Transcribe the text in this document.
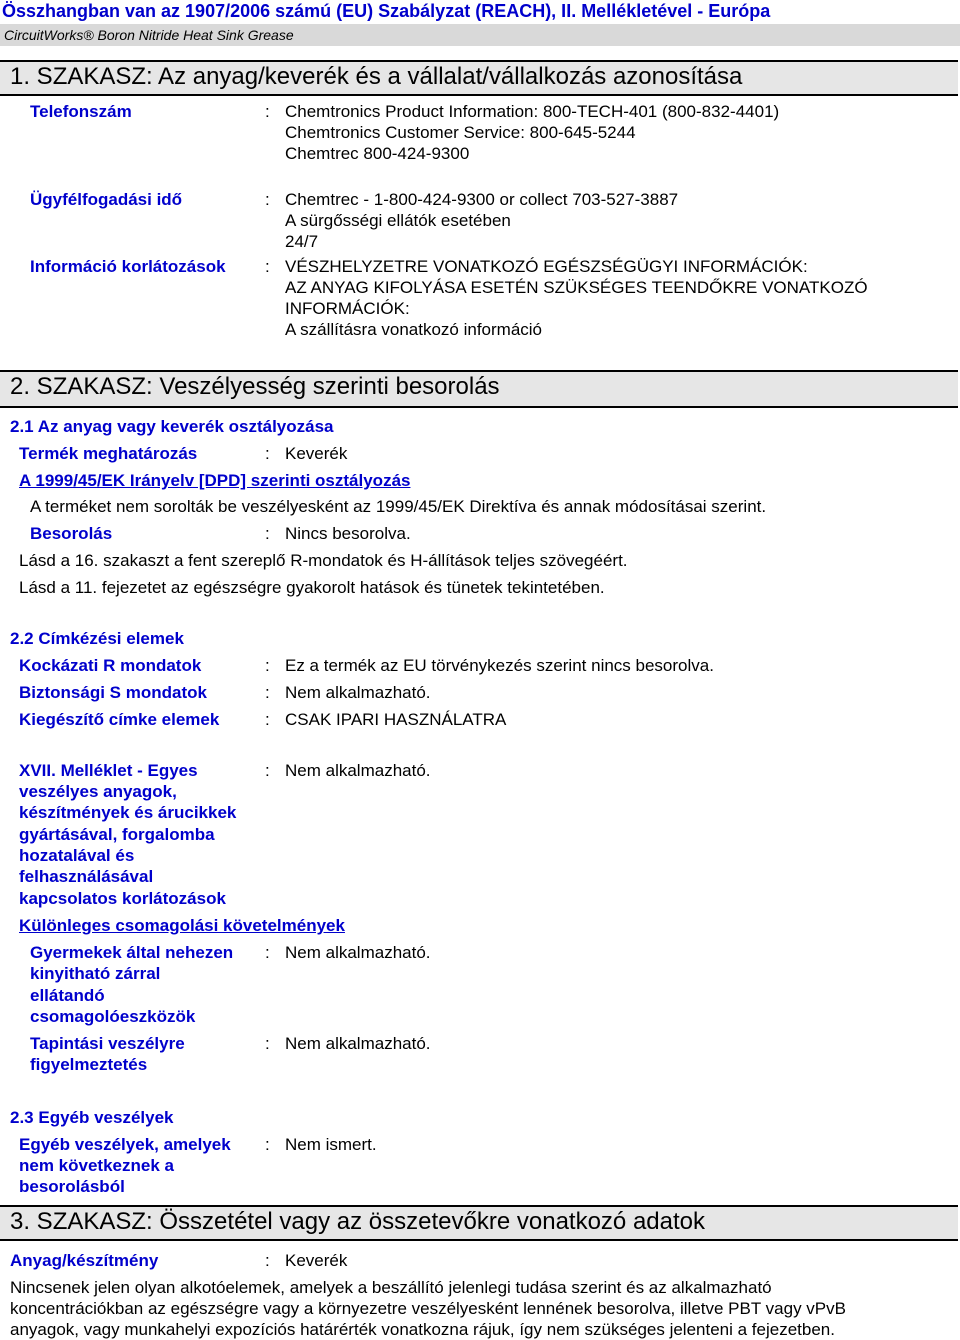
Összhangban van az 1907/2006 számú (EU) Szabályzat (REACH), II. Mellékletével - Európa
CircuitWorks® Boron Nitride Heat Sink Grease
1. SZAKASZ: Az anyag/keverék és a vállalat/vállalkozás azonosítása
Telefonszám	: Chemtronics Product Information: 800-TECH-401 (800-832-4401)
Chemtronics Customer Service: 800-645-5244
Chemtrec 800-424-9300
Ügyfélfogadási idő	: Chemtrec - 1-800-424-9300 or collect 703-527-3887
A sürgősségi ellátók esetében
24/7
Információ korlátozások : VÉSZHELYZETRE VONATKOZÓ EGÉSZSÉGÜGYI INFORMÁCIÓK:
AZ ANYAG KIFOLYÁSA ESETÉN SZÜKSÉGES TEENDŐKRE VONATKOZÓ
INFORMÁCIÓK:
A szállításra vonatkozó információ
2. SZAKASZ: Veszélyesség szerinti besorolás
2.1 Az anyag vagy keverék osztályozása
Termék meghatározás	: Keverék
A 1999/45/EK Irányelv [DPD] szerinti osztályozás
A terméket nem sorolták be veszélyesként az 1999/45/EK Direktíva és annak módosításai szerint.
Besorolás	: Nincs besorolva.
Lásd a 16. szakaszt a fent szereplő R-mondatok és H-állítások teljes szövegéért.
Lásd a 11. fejezetet az egészségre gyakorolt hatások és tünetek tekintetében.
2.2 Címkézési elemek
Kockázati R mondatok	: Ez a termék az EU törvénykezés szerint nincs besorolva.
Biztonsági S mondatok	: Nem alkalmazható.
Kiegészítő címke elemek	: CSAK IPARI HASZNÁLATRA
XVII. Melléklet - Egyes
veszélyes anyagok,
készítmények és árucikkek
gyártásával, forgalomba
hozatalával és
felhasználásával
kapcsolatos korlátozások
: Nem alkalmazható.
Különleges csomagolási követelmények
Gyermekek által nehezen
kinyitható zárral
ellátandó
csomagolóeszközök
: Nem alkalmazható.
Tapintási veszélyre
figyelmeztetés
: Nem alkalmazható.
2.3 Egyéb veszélyek
Egyéb veszélyek, amelyek
nem következnek a
besorolásból
: Nem ismert.
3. SZAKASZ: Összetétel vagy az összetevőkre vonatkozó adatok
Anyag/készítmény	: Keverék
Nincsenek jelen olyan alkotóelemek, amelyek a beszállító jelenlegi tudása szerint és az alkalmazható
koncentrációkban az egészségre vagy a környezetre veszélyesként lennének besorolva, illetve PBT vagy vPvB
anyagok, vagy munkahelyi expozíciós határérték vonatkozna rájuk, így nem szükséges jelenteni a fejezetben.
